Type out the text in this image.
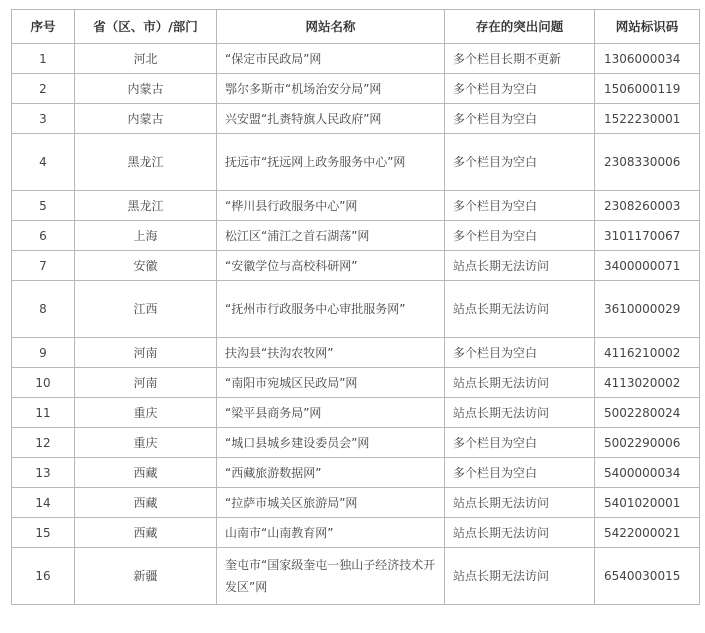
序号	省（区、市）/部门	网站名称	存在的突出问题	网站标识码
1	河北	“保定市民政局”网	多个栏目长期不更新	1306000034
2	内蒙古	鄂尔多斯市“机场治安分局”网	多个栏目为空白	1506000119
3	内蒙古	兴安盟“扎赉特旗人民政府”网	多个栏目为空白	1522230001
4	黑龙江	抚远市“抚远网上政务服务中心”网	多个栏目为空白	2308330006
5	黑龙江	“桦川县行政服务中心”网	多个栏目为空白	2308260003
6	上海	松江区“浦江之首石湖荡”网	多个栏目为空白	3101170067
7	安徽	“安徽学位与高校科研网”	站点长期无法访问	3400000071
8	江西	“抚州市行政服务中心审批服务网”	站点长期无法访问	3610000029
9	河南	扶沟县“扶沟农牧网”	多个栏目为空白	4116210002
10	河南	“南阳市宛城区民政局”网	站点长期无法访问	4113020002
11	重庆	“梁平县商务局”网	站点长期无法访问	5002280024
12	重庆	“城口县城乡建设委员会”网	多个栏目为空白	5002290006
13	西藏	“西藏旅游数据网”	多个栏目为空白	5400000034
14	西藏	“拉萨市城关区旅游局”网	站点长期无法访问	5401020001
15	西藏	山南市“山南教育网”	站点长期无法访问	5422000021
16	新疆	奎屯市“国家级奎屯一独山子经济技术开发区”网	站点长期无法访问	6540030015
